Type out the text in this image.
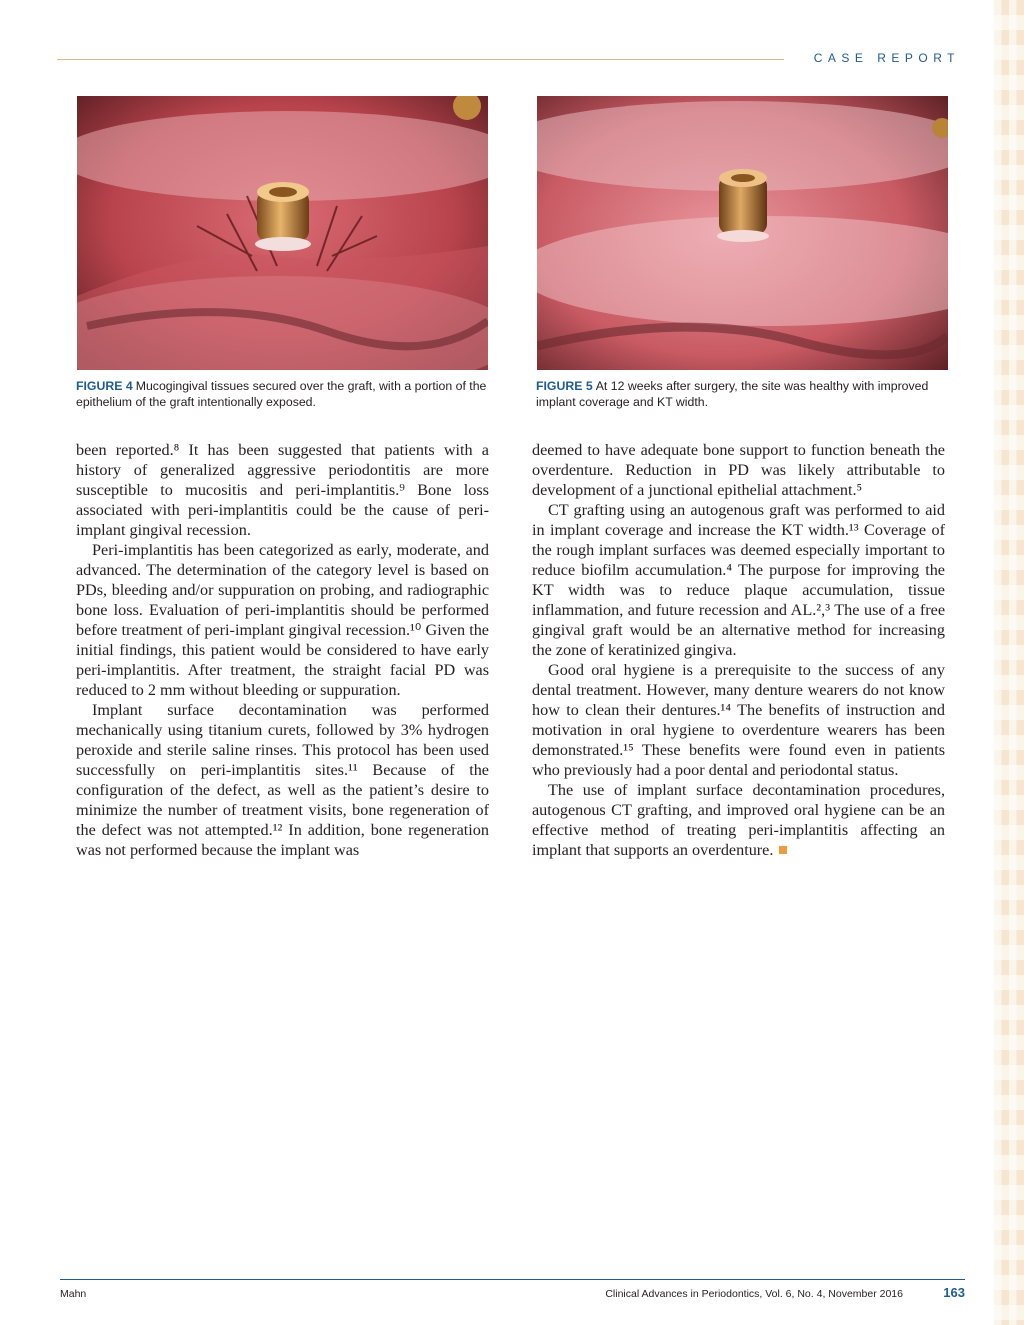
CASE REPORT
FIGURE 4 Mucogingival tissues secured over the graft, with a portion of the epithelium of the graft intentionally exposed.
FIGURE 5 At 12 weeks after surgery, the site was healthy with improved implant coverage and KT width.

been reported.⁸ It has been suggested that patients with a history of generalized aggressive periodontitis are more susceptible to mucositis and peri-implantitis.⁹ Bone loss associated with peri-implantitis could be the cause of peri-implant gingival recession.

Peri-implantitis has been categorized as early, moderate, and advanced. The determination of the category level is based on PDs, bleeding and/or suppuration on probing, and radiographic bone loss. Evaluation of peri-implantitis should be performed before treatment of peri-implant gingival recession.¹⁰ Given the initial findings, this patient would be considered to have early peri-implantitis. After treatment, the straight facial PD was reduced to 2 mm without bleeding or suppuration.

Implant surface decontamination was performed mechanically using titanium curets, followed by 3% hydrogen peroxide and sterile saline rinses. This protocol has been used successfully on peri-implantitis sites.¹¹ Because of the configuration of the defect, as well as the patient’s desire to minimize the number of treatment visits, bone regeneration of the defect was not attempted.¹² In addition, bone regeneration was not performed because the implant was

deemed to have adequate bone support to function beneath the overdenture. Reduction in PD was likely attributable to development of a junctional epithelial attachment.⁵

CT grafting using an autogenous graft was performed to aid in implant coverage and increase the KT width.¹³ Coverage of the rough implant surfaces was deemed especially important to reduce biofilm accumulation.⁴ The purpose for improving the KT width was to reduce plaque accumulation, tissue inflammation, and future recession and AL.²,³ The use of a free gingival graft would be an alternative method for increasing the zone of keratinized gingiva.

Good oral hygiene is a prerequisite to the success of any dental treatment. However, many denture wearers do not know how to clean their dentures.¹⁴ The benefits of instruction and motivation in oral hygiene to overdenture wearers has been demonstrated.¹⁵ These benefits were found even in patients who previously had a poor dental and periodontal status.

The use of implant surface decontamination procedures, autogenous CT grafting, and improved oral hygiene can be an effective method of treating peri-implantitis affecting an implant that supports an overdenture.

Mahn	Clinical Advances in Periodontics, Vol. 6, No. 4, November 2016	163
